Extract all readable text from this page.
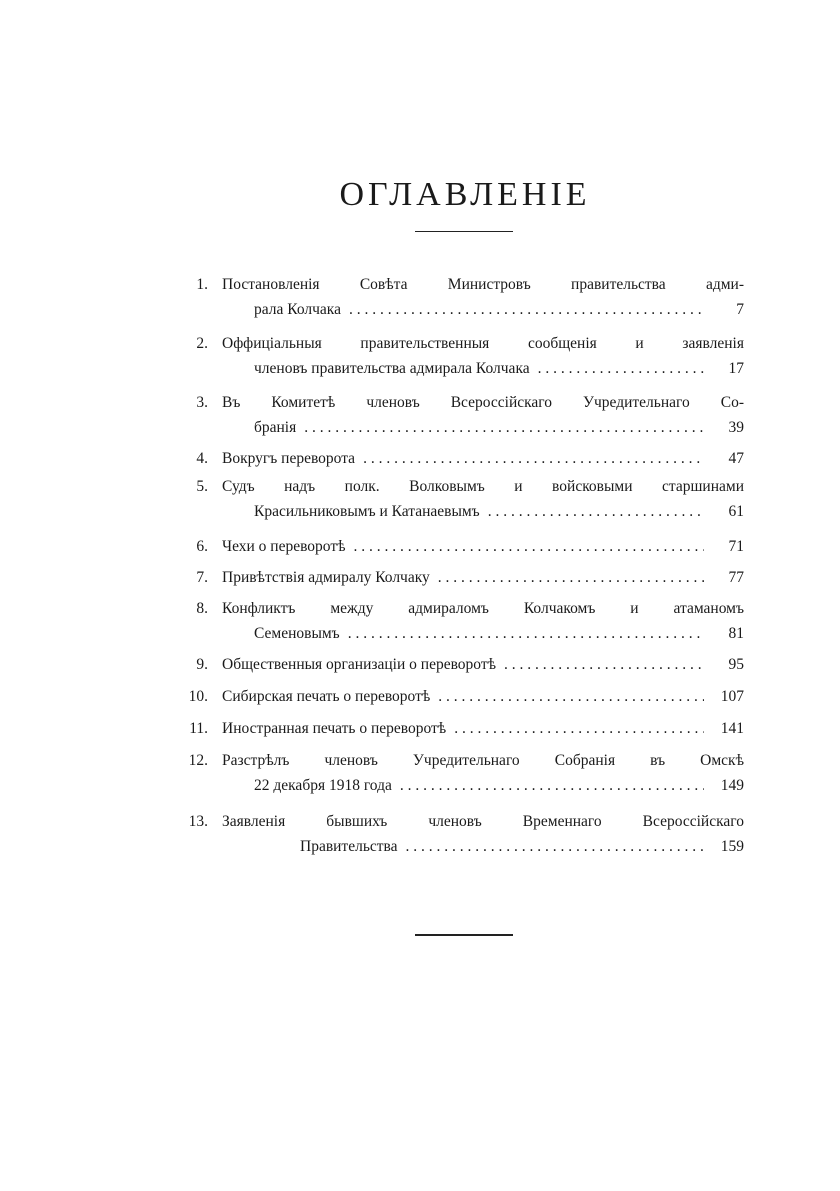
ОГЛАВЛЕНІЕ
1. Постановленія Совѣта Министровъ правительства адми-
рала Колчака . . .	7
2. Оффиціальныя правительственныя сообщенія и заявленія
членовъ правительства адмирала Колчака . . .	17
3. Въ Комитетѣ членовъ Всероссійскаго Учредительнаго Со-
бранія . . .	39
4. Вокругъ переворота . . .	47
5. Судъ надъ полк. Волковымъ и войсковыми старшинами
Красильниковымъ и Катанаевымъ . . .	61
6. Чехи о переворотѣ . . .	71
7. Привѣтствія адмиралу Колчаку . . .	77
8. Конфликтъ между адмираломъ Колчакомъ и атаманомъ
Семеновымъ . . .	81
9. Общественныя организаціи о переворотѣ . . .	95
10. Сибирская печать о переворотѣ . . .	107
11. Иностранная печать о переворотѣ . . .	141
12. Разстрѣлъ членовъ Учредительнаго Собранія въ Омскѣ
22 декабря 1918 года . . .	149
13. Заявленія бывшихъ членовъ Временнаго Всероссійскаго
Правительства . . .	159
